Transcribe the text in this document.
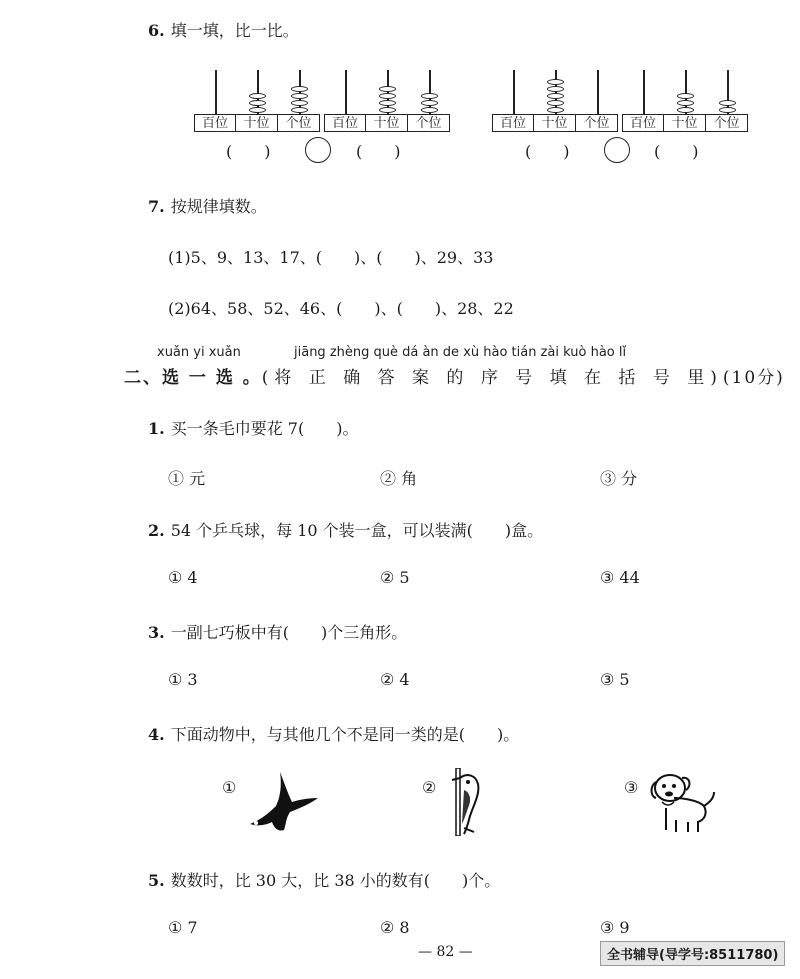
6. 填一填，比一比。
百位	十位	个位	百位	十位	个位	百位	十位	个位	百位	十位	个位
(　　)	(　　)	(　　)	(　　)
7. 按规律填数。
(1)5、9、13、17、(　　)、(　　)、29、33
(2)64、58、52、46、(　　)、(　　)、28、22
xuǎn yi xuǎn	jiāng zhèng què dá àn de xù hào tián zài kuò hào lǐ
二、选 一 选 。(将 正 确 答 案 的 序 号 填 在 括 号 里)(10分)
1. 买一条毛巾要花 7(　　)。
① 元	② 角	③ 分
2. 54 个乒乓球，每 10 个装一盒，可以装满(　　)盒。
① 4	② 5	③ 44
3. 一副七巧板中有(　　)个三角形。
① 3	② 4	③ 5
4. 下面动物中，与其他几个不是同一类的是(　　)。
①	②	③
5. 数数时，比 30 大，比 38 小的数有(　　)个。
① 7	② 8	③ 9
— 82 —	全书辅导(导学号:8511780)
